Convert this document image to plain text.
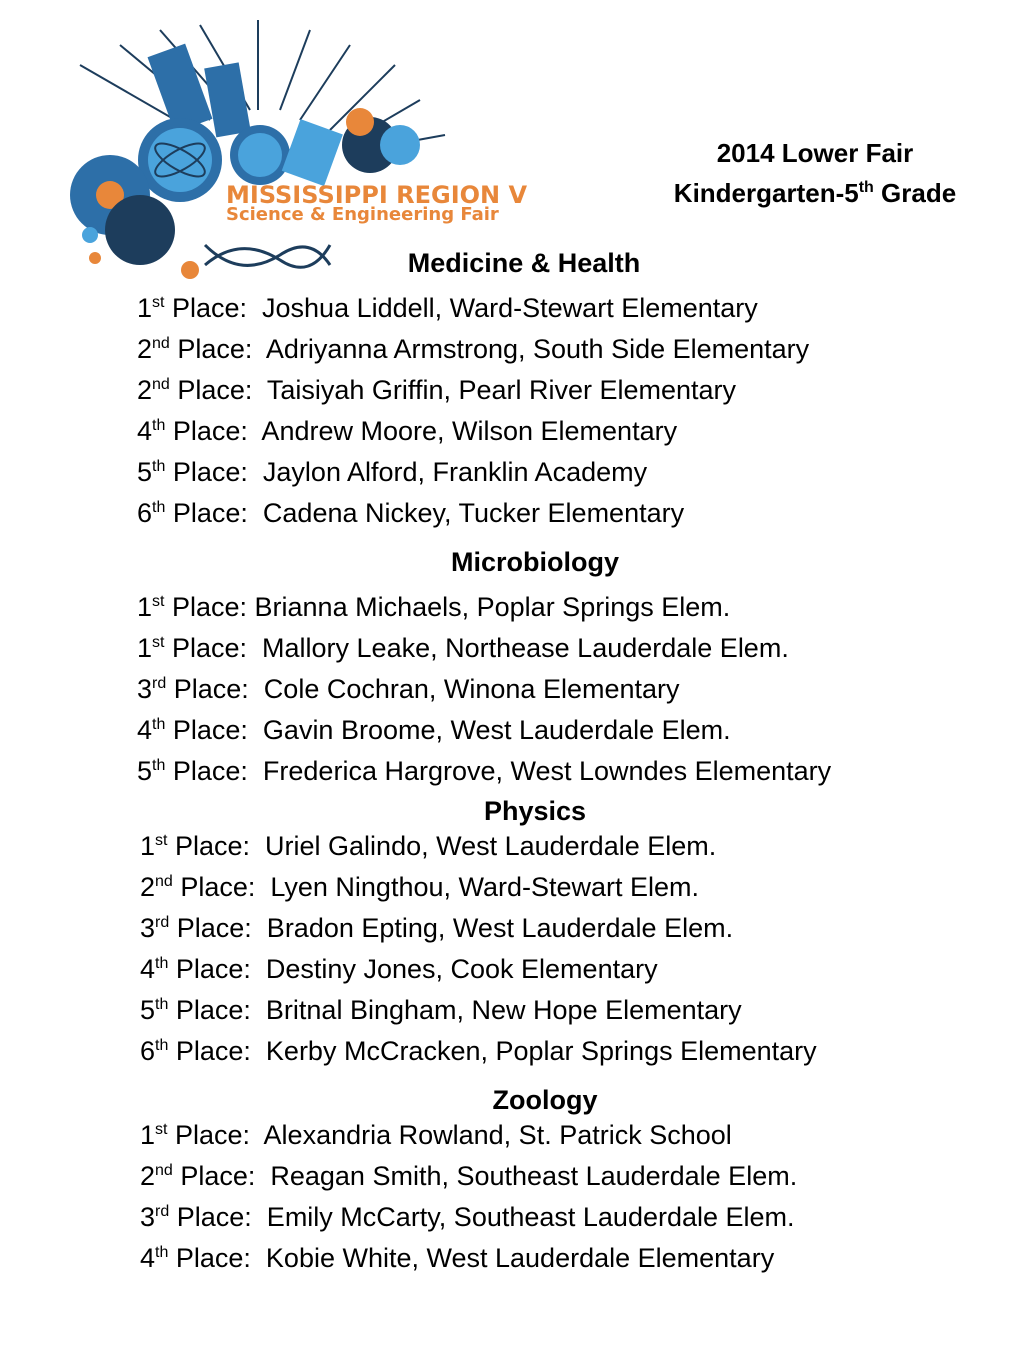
MISSISSIPPI REGION V
Science & Engineering Fair
2014 Lower Fair
Kindergarten-5th Grade
Medicine & Health
1st Place:  Joshua Liddell, Ward-Stewart Elementary
2nd Place:  Adriyanna Armstrong, South Side Elementary
2nd Place:  Taisiyah Griffin, Pearl River Elementary
4th Place:  Andrew Moore, Wilson Elementary
5th Place:  Jaylon Alford, Franklin Academy
6th Place:  Cadena Nickey, Tucker Elementary
Microbiology
1st Place: Brianna Michaels, Poplar Springs Elem.
1st Place:  Mallory Leake, Northease Lauderdale Elem.
3rd Place:  Cole Cochran, Winona Elementary
4th Place:  Gavin Broome, West Lauderdale Elem.
5th Place:  Frederica Hargrove, West Lowndes Elementary
Physics
1st Place:  Uriel Galindo, West Lauderdale Elem.
2nd Place:  Lyen Ningthou, Ward-Stewart Elem.
3rd Place:  Bradon Epting, West Lauderdale Elem.
4th Place:  Destiny Jones, Cook Elementary
5th Place:  Britnal Bingham, New Hope Elementary
6th Place:  Kerby McCracken, Poplar Springs Elementary
Zoology
1st Place:  Alexandria Rowland, St. Patrick School
2nd Place:  Reagan Smith, Southeast Lauderdale Elem.
3rd Place:  Emily McCarty, Southeast Lauderdale Elem.
4th Place:  Kobie White, West Lauderdale Elementary
